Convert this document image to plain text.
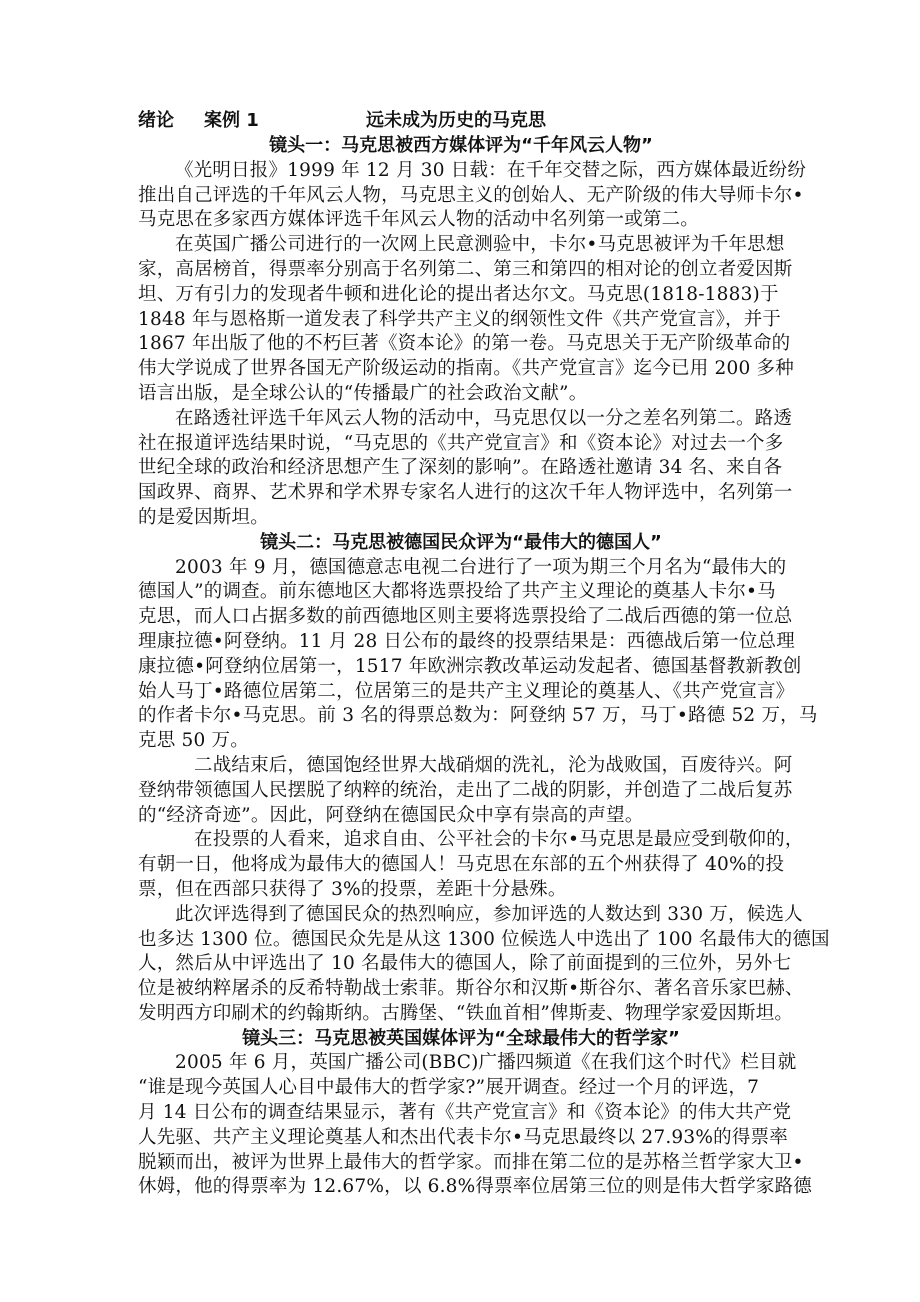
绪论 案例 1	远未成为历史的马克思
镜头一：马克思被西方媒体评为“千年风云人物”
《光明日报》1999 年 12 月 30 日载：在千年交替之际，西方媒体最近纷纷
推出自己评选的千年风云人物，马克思主义的创始人、无产阶级的伟大导师卡尔•
马克思在多家西方媒体评选千年风云人物的活动中名列第一或第二。
在英国广播公司进行的一次网上民意测验中，卡尔•马克思被评为千年思想
家，高居榜首，得票率分别高于名列第二、第三和第四的相对论的创立者爱因斯
坦、万有引力的发现者牛顿和进化论的提出者达尔文。马克思(1818-1883)于
1848 年与恩格斯一道发表了科学共产主义的纲领性文件《共产党宣言》，并于
1867 年出版了他的不朽巨著《资本论》的第一卷。马克思关于无产阶级革命的
伟大学说成了世界各国无产阶级运动的指南。《共产党宣言》迄今已用 200 多种
语言出版，是全球公认的“传播最广的社会政治文献”。
在路透社评选千年风云人物的活动中，马克思仅以一分之差名列第二。路透
社在报道评选结果时说，“马克思的《共产党宣言》和《资本论》对过去一个多
世纪全球的政治和经济思想产生了深刻的影响”。在路透社邀请 34 名、来自各
国政界、商界、艺术界和学术界专家名人进行的这次千年人物评选中，名列第一
的是爱因斯坦。
镜头二：马克思被德国民众评为“最伟大的德国人”
2003 年 9 月，德国德意志电视二台进行了一项为期三个月名为“最伟大的
德国人”的调查。前东德地区大都将选票投给了共产主义理论的奠基人卡尔•马
克思，而人口占据多数的前西德地区则主要将选票投给了二战后西德的第一位总
理康拉德•阿登纳。11 月 28 日公布的最终的投票结果是：西德战后第一位总理
康拉德•阿登纳位居第一，1517 年欧洲宗教改革运动发起者、德国基督教新教创
始人马丁•路德位居第二，位居第三的是共产主义理论的奠基人、《共产党宣言》
的作者卡尔•马克思。前 3 名的得票总数为：阿登纳 57 万，马丁•路德 52 万，马
克思 50 万。
二战结束后，德国饱经世界大战硝烟的洗礼，沦为战败国，百废待兴。阿
登纳带领德国人民摆脱了纳粹的统治，走出了二战的阴影，并创造了二战后复苏
的“经济奇迹”。因此，阿登纳在德国民众中享有崇高的声望。
在投票的人看来，追求自由、公平社会的卡尔•马克思是最应受到敬仰的，
有朝一日，他将成为最伟大的德国人！马克思在东部的五个州获得了 40%的投
票，但在西部只获得了 3%的投票，差距十分悬殊。
此次评选得到了德国民众的热烈响应，参加评选的人数达到 330 万，候选人
也多达 1300 位。德国民众先是从这 1300 位候选人中选出了 100 名最伟大的德国
人，然后从中评选出了 10 名最伟大的德国人，除了前面提到的三位外，另外七
位是被纳粹屠杀的反希特勒战士索菲。斯谷尔和汉斯•斯谷尔、著名音乐家巴赫、
发明西方印刷术的约翰斯纳。古腾堡、“铁血首相”俾斯麦、物理学家爱因斯坦。
镜头三：马克思被英国媒体评为“全球最伟大的哲学家”
2005 年 6 月，英国广播公司(BBC)广播四频道《在我们这个时代》栏目就
“谁是现今英国人心目中最伟大的哲学家?”展开调查。经过一个月的评选，7
月 14 日公布的调查结果显示，著有《共产党宣言》和《资本论》的伟大共产党
人先驱、共产主义理论奠基人和杰出代表卡尔•马克思最终以 27.93%的得票率
脱颖而出，被评为世界上最伟大的哲学家。而排在第二位的是苏格兰哲学家大卫•
休姆，他的得票率为 12.67%，以 6.8%得票率位居第三位的则是伟大哲学家路德
